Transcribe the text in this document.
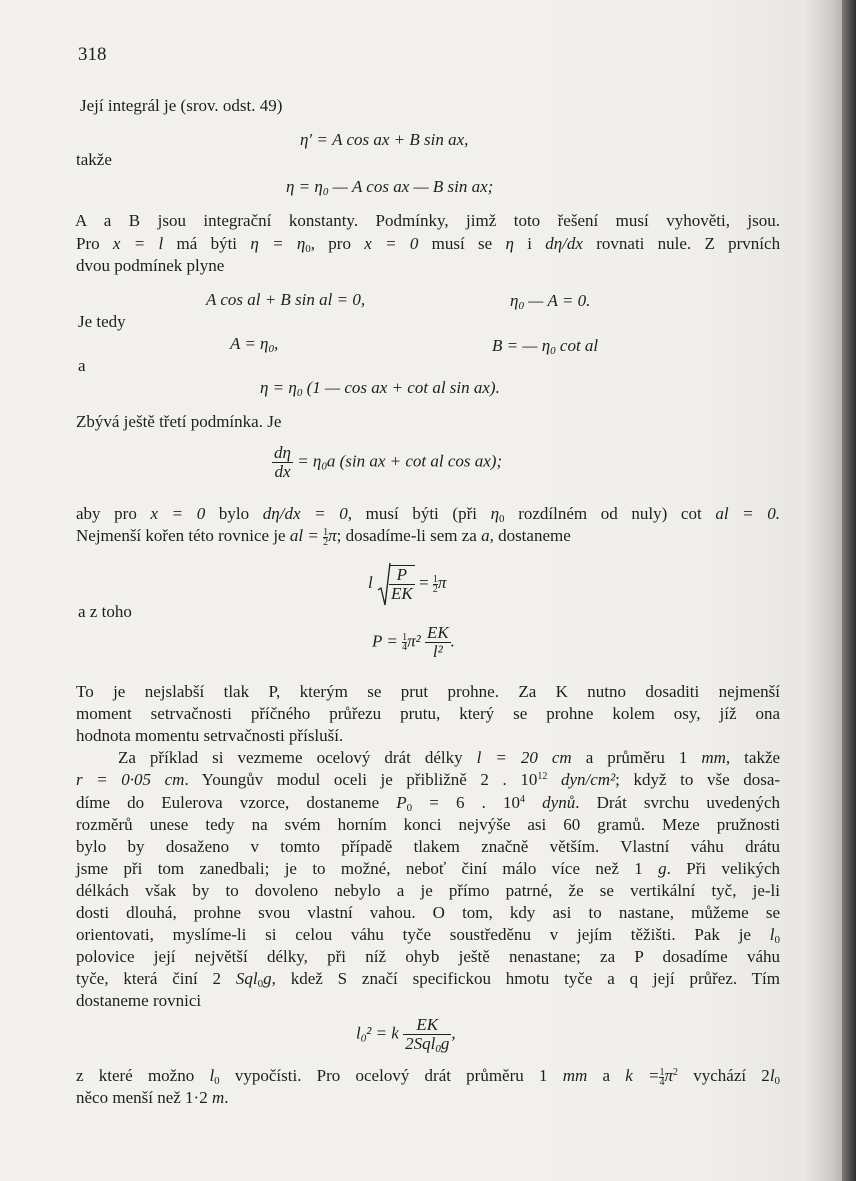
318
Její integrál je (srov. odst. 49)
η′ = A cos ax + B sin ax,
takže
$\eta = \eta_0$ — A cos ax — B sin ax;
A a B jsou integrační konstanty. Podmínky, jimž toto řešení musí vyhověti, jsou.
Pro x = l má býti $\eta = \eta_0$, pro x = 0 musí se η i dη/dx rovnati nule. Z prvních
dvou podmínek plyne
A cos al + B sin al = 0,	$\eta_0$ — A = 0.
Je tedy
$A = \eta_0$,	B = — $\eta_0$ cot al
a
$\eta = \eta_0$ (1 — cos ax + cot al sin ax).
Zbývá ještě třetí podmínka. Je
$\frac{d\eta}{dx} = \eta_0a$ (sin ax + cot al cos ax);
aby pro x = 0 bylo dη/dx = 0, musí býti (při $\eta_0$ rozdílném od nuly) cot al = 0.
Nejmenší kořen této rovnice je al = $\frac{1}{2} \pi$; dosadíme-li sem za a, dostaneme
l $\frac{P}{EK} = \frac{1}{2}$ π
a z toho
$P = \frac{1}{4} \pi^2 \frac{EK}{\text{l²}}$ .
To je nejslabší tlak P, kterým se prut prohne. Za K nutno dosaditi nejmenší
moment setrvačnosti příčného průřezu prutu, který se prohne kolem osy, jíž ona
hodnota momentu setrvačnosti přísluší.
Za příklad si vezmeme ocelový drát délky l = 20 cm a průměru 1 mm, takže
r = 0·05 cm. Youngův modul oceli je přibližně 2 . $10^{12}$ dyn/cm²; když to vše dosa-
díme do Eulerova vzorce, dostaneme $P_0 = 6$ . $10^4$ dynů. Drát svrchu uvedených
rozměrů unese tedy na svém horním konci nejvýše asi 60 gramů. Meze pružnosti
bylo by dosaženo v tomto případě tlakem značně větším. Vlastní váhu drátu
jsme při tom zanedbali; je to možné, neboť činí málo více než 1 g. Při velikých
délkách však by to dovoleno nebylo a je přímo patrné, že se vertikální tyč, je-li
dosti dlouhá, prohne svou vlastní vahou. O tom, kdy asi to nastane, můžeme se
orientovati, myslíme-li si celou váhu tyče soustředěnu v jejím těžišti. Pak je $l_0$
polovice její největší délky, při níž ohyb ještě nenastane; za P dosadíme váhu
tyče, která činí 2 Sql$_0$g, kdež S značí specifickou hmotu tyče a q její průřez. Tím
dostaneme rovnici
$l_0^2 = k \frac{EK}{2Sql_0g}$ ,
z které možno $l_0$ vypočísti. Pro ocelový drát průměru 1 mm a $k = \frac{1}{4} \pi^2$ vychází $2l_0$
něco menší než 1·2 m.
